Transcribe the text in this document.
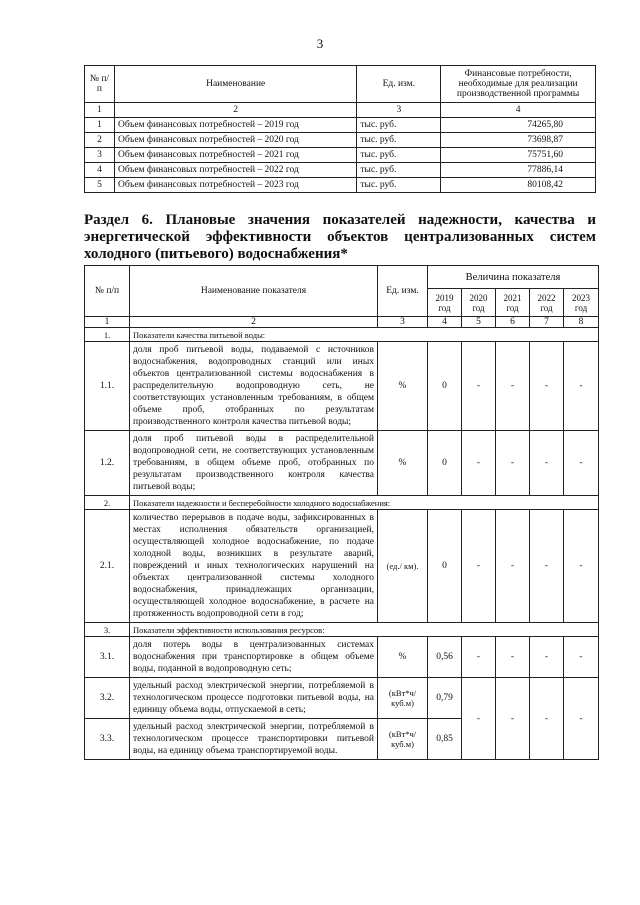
3
№ п/п	Наименование	Ед. изм.	Финансовые потребности, необходимые для реализации производственной программы
1	2	3	4
1	Объем финансовых потребностей – 2019 год	тыс. руб.	74265,80
2	Объем финансовых потребностей – 2020 год	тыс. руб.	73698,87
3	Объем финансовых потребностей – 2021 год	тыс. руб.	75751,60
4	Объем финансовых потребностей – 2022 год	тыс. руб.	77886,14
5	Объем финансовых потребностей – 2023 год	тыс. руб.	80108,42
Раздел 6. Плановые значения показателей надежности, качества и
энергетической эффективности объектов централизованных систем
холодного (питьевого) водоснабжения*
№ п/п	Наименование показателя	Ед. изм.	Величина показателя				
			2019 год	2020 год	2021 год	2022 год	2023 год
1	2	3	4	5	6	7	8
1.	Показатели качества питьевой воды:						
1.1.	доля проб питьевой воды, подаваемой с источников водоснабжения, водопроводных станций или иных объектов централизованной системы водоснабжения в распределительную водопроводную сеть, не соответствующих установленным требованиям, в общем объеме проб, отобранных по результатам производственного контроля качества питьевой воды;	%	0	-	-	-	-
1.2.	доля проб питьевой воды в распределительной водопроводной сети, не соответствующих установленным требованиям, в общем объеме проб, отобранных по результатам производственного контроля качества питьевой воды;	%	0	-	-	-	-
2.	Показатели надежности и бесперебойности холодного водоснабжения:						
2.1.	количество перерывов в подаче воды, зафиксированных в местах исполнения обязательств организацией, осуществляющей холодное водоснабжение, по подаче холодной воды, возникших в результате аварий, повреждений и иных технологических нарушений на объектах централизованной системы холодного водоснабжения, принадлежащих организации, осуществляющей холодное водоснабжение, в расчете на протяженность водопроводной сети в год;	(ед./ км).	0	-	-	-	-
3.	Показатели эффективности использования ресурсов:						
3.1.	доля потерь воды в централизованных системах водоснабжения при транспортировке в общем объеме воды, поданной в водопроводную сеть;	%	0,56	-	-	-	-
3.2.	удельный расход электрической энергии, потребляемой в технологическом процессе подготовки питьевой воды, на единицу объема воды, отпускаемой в сеть;	(кВт*ч/ куб.м)	0,79	-	-	-	-
3.3.	удельный расход электрической энергии, потребляемой в технологическом процессе транспортировки питьевой воды, на единицу объема транспортируемой воды.	(кВт*ч/ куб.м)	0,85				
